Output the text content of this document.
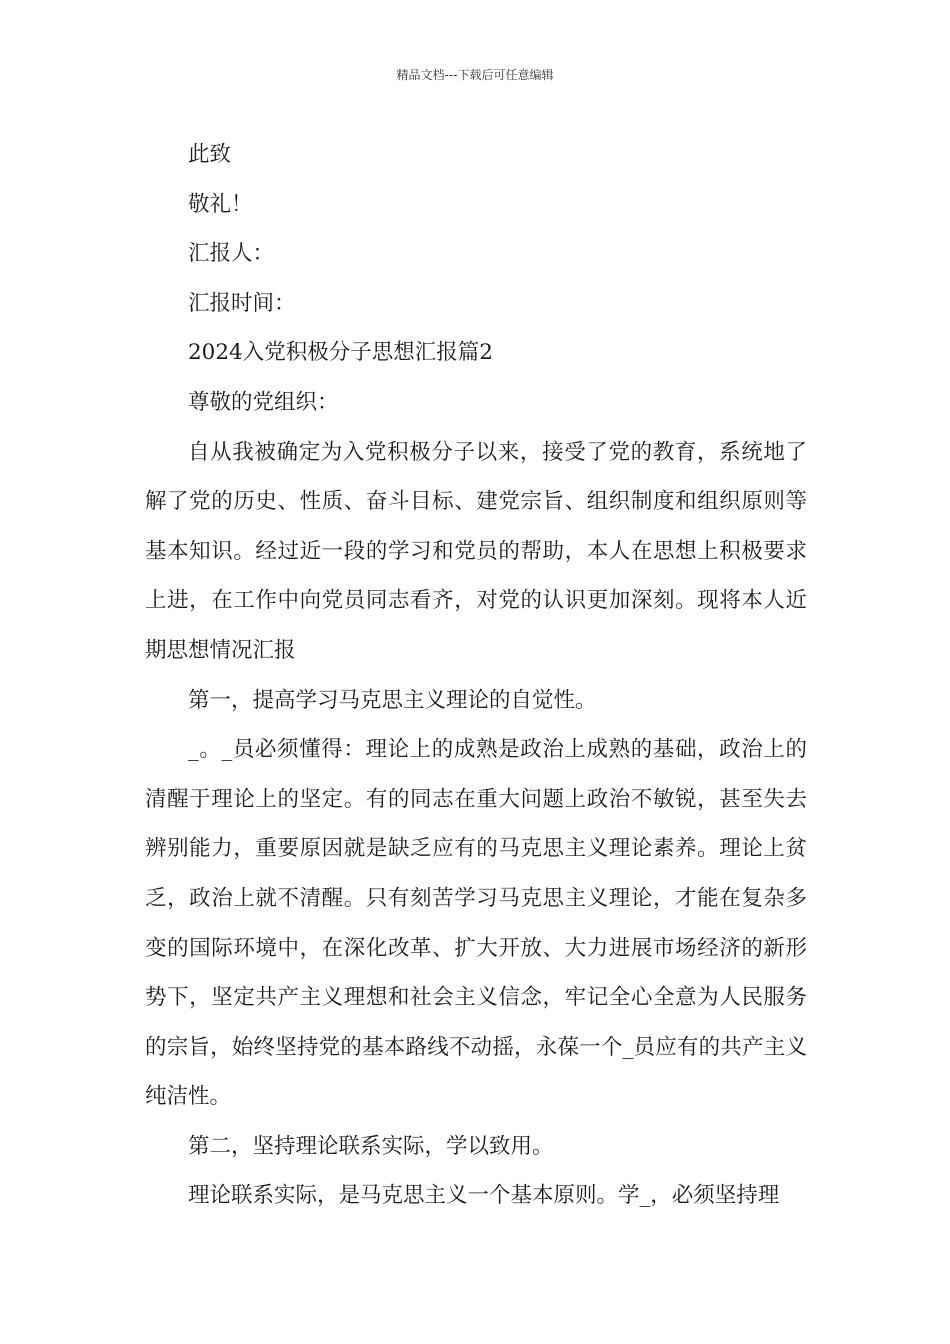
精品文档---下载后可任意编辑

此致

敬礼！

汇报人：

汇报时间：

2024入党积极分子思想汇报篇2

尊敬的党组织：

自从我被确定为入党积极分子以来，接受了党的教育，系统地了解了党的历史、性质、奋斗目标、建党宗旨、组织制度和组织原则等基本知识。经过近一段的学习和党员的帮助，本人在思想上积极要求上进，在工作中向党员同志看齐，对党的认识更加深刻。现将本人近期思想情况汇报

第一，提高学习马克思主义理论的自觉性。

_。_员必须懂得：理论上的成熟是政治上成熟的基础，政治上的清醒于理论上的坚定。有的同志在重大问题上政治不敏锐，甚至失去辨别能力，重要原因就是缺乏应有的马克思主义理论素养。理论上贫乏，政治上就不清醒。只有刻苦学习马克思主义理论，才能在复杂多变的国际环境中，在深化改革、扩大开放、大力进展市场经济的新形势下，坚定共产主义理想和社会主义信念，牢记全心全意为人民服务的宗旨，始终坚持党的基本路线不动摇，永葆一个_员应有的共产主义纯洁性。

第二，坚持理论联系实际，学以致用。

理论联系实际，是马克思主义一个基本原则。学_，必须坚持理
